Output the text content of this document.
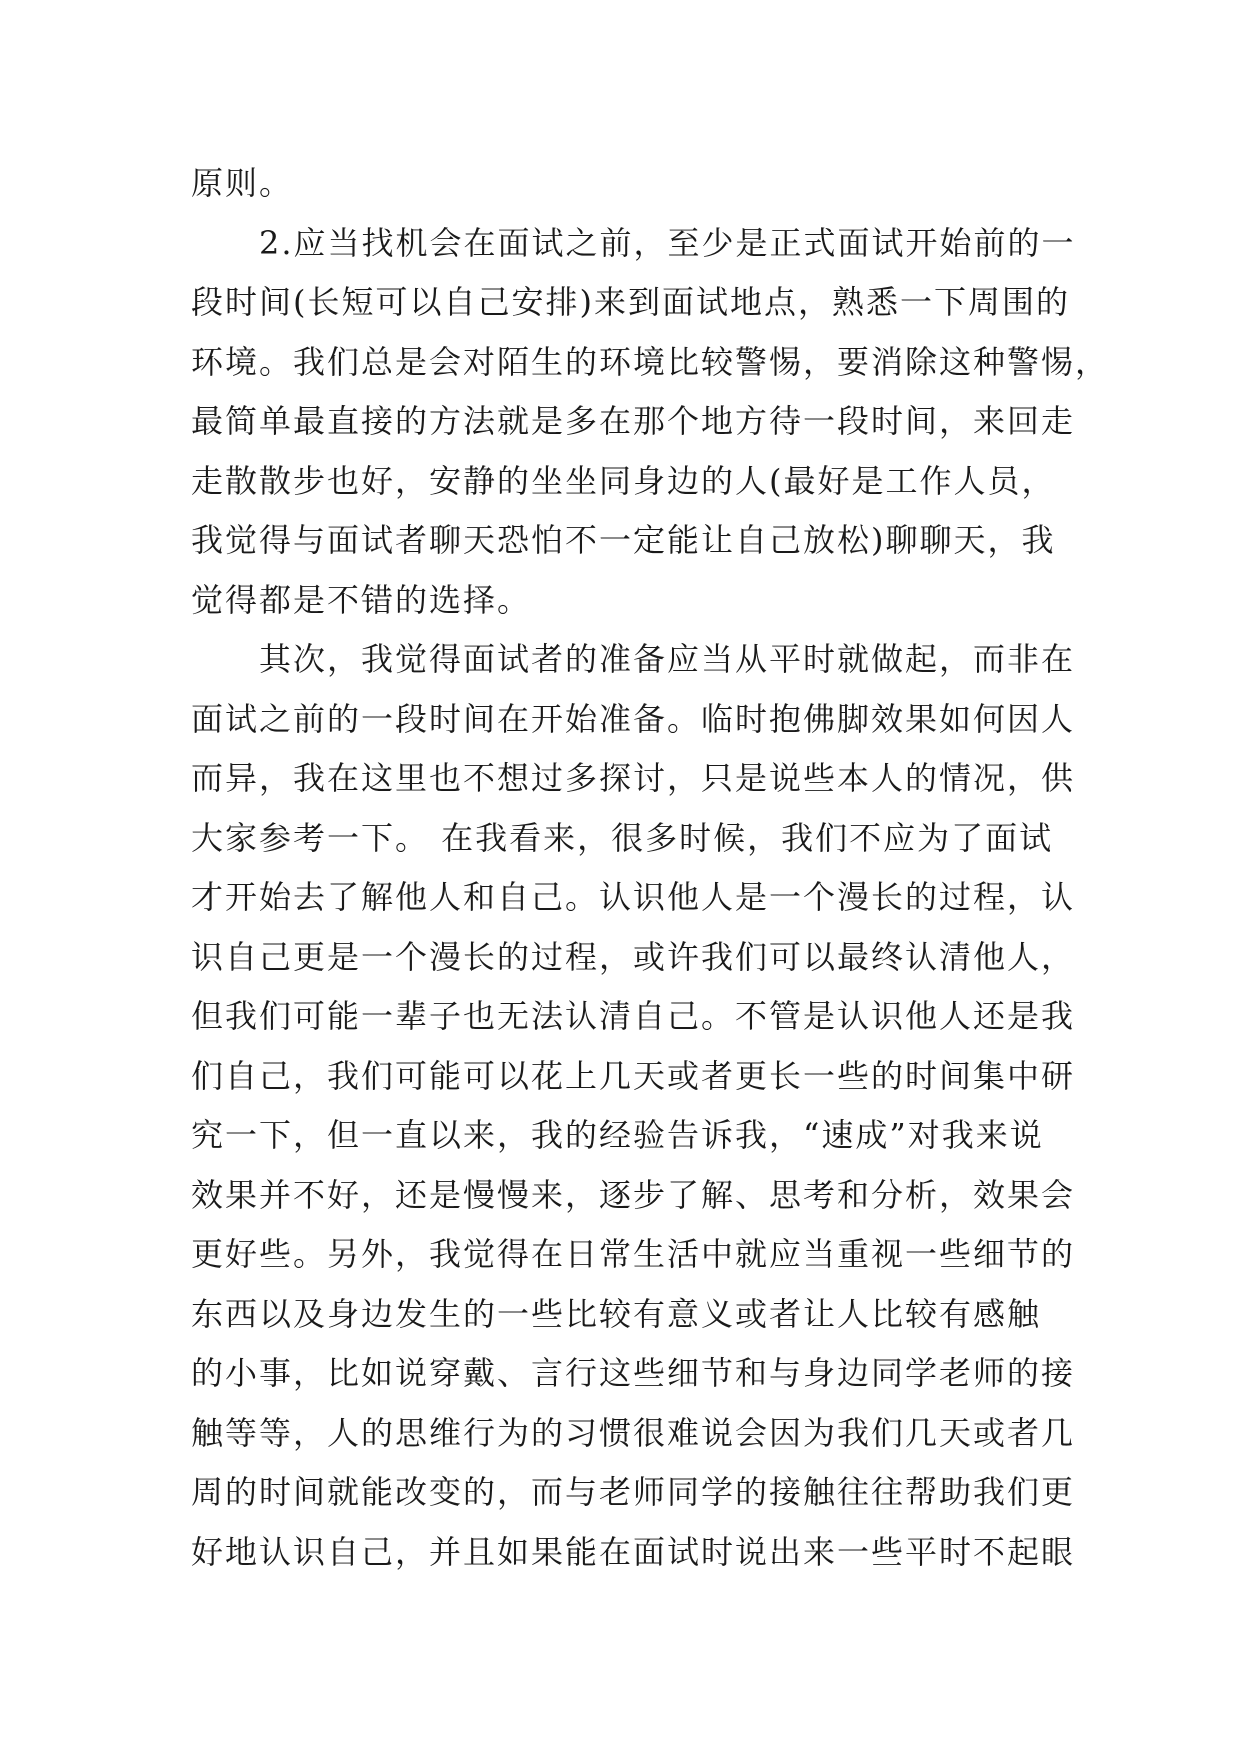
原则。
　　2.应当找机会在面试之前，至少是正式面试开始前的一
段时间(长短可以自己安排)来到面试地点，熟悉一下周围的
环境。我们总是会对陌生的环境比较警惕，要消除这种警惕，
最简单最直接的方法就是多在那个地方待一段时间，来回走
走散散步也好，安静的坐坐同身边的人(最好是工作人员，
我觉得与面试者聊天恐怕不一定能让自己放松)聊聊天，我
觉得都是不错的选择。
　　其次，我觉得面试者的准备应当从平时就做起，而非在
面试之前的一段时间在开始准备。临时抱佛脚效果如何因人
而异，我在这里也不想过多探讨，只是说些本人的情况，供
大家参考一下。 在我看来，很多时候，我们不应为了面试
才开始去了解他人和自己。认识他人是一个漫长的过程，认
识自己更是一个漫长的过程，或许我们可以最终认清他人，
但我们可能一辈子也无法认清自己。不管是认识他人还是我
们自己，我们可能可以花上几天或者更长一些的时间集中研
究一下，但一直以来，我的经验告诉我，“速成”对我来说
效果并不好，还是慢慢来，逐步了解、思考和分析，效果会
更好些。另外，我觉得在日常生活中就应当重视一些细节的
东西以及身边发生的一些比较有意义或者让人比较有感触
的小事，比如说穿戴、言行这些细节和与身边同学老师的接
触等等，人的思维行为的习惯很难说会因为我们几天或者几
周的时间就能改变的，而与老师同学的接触往往帮助我们更
好地认识自己，并且如果能在面试时说出来一些平时不起眼
